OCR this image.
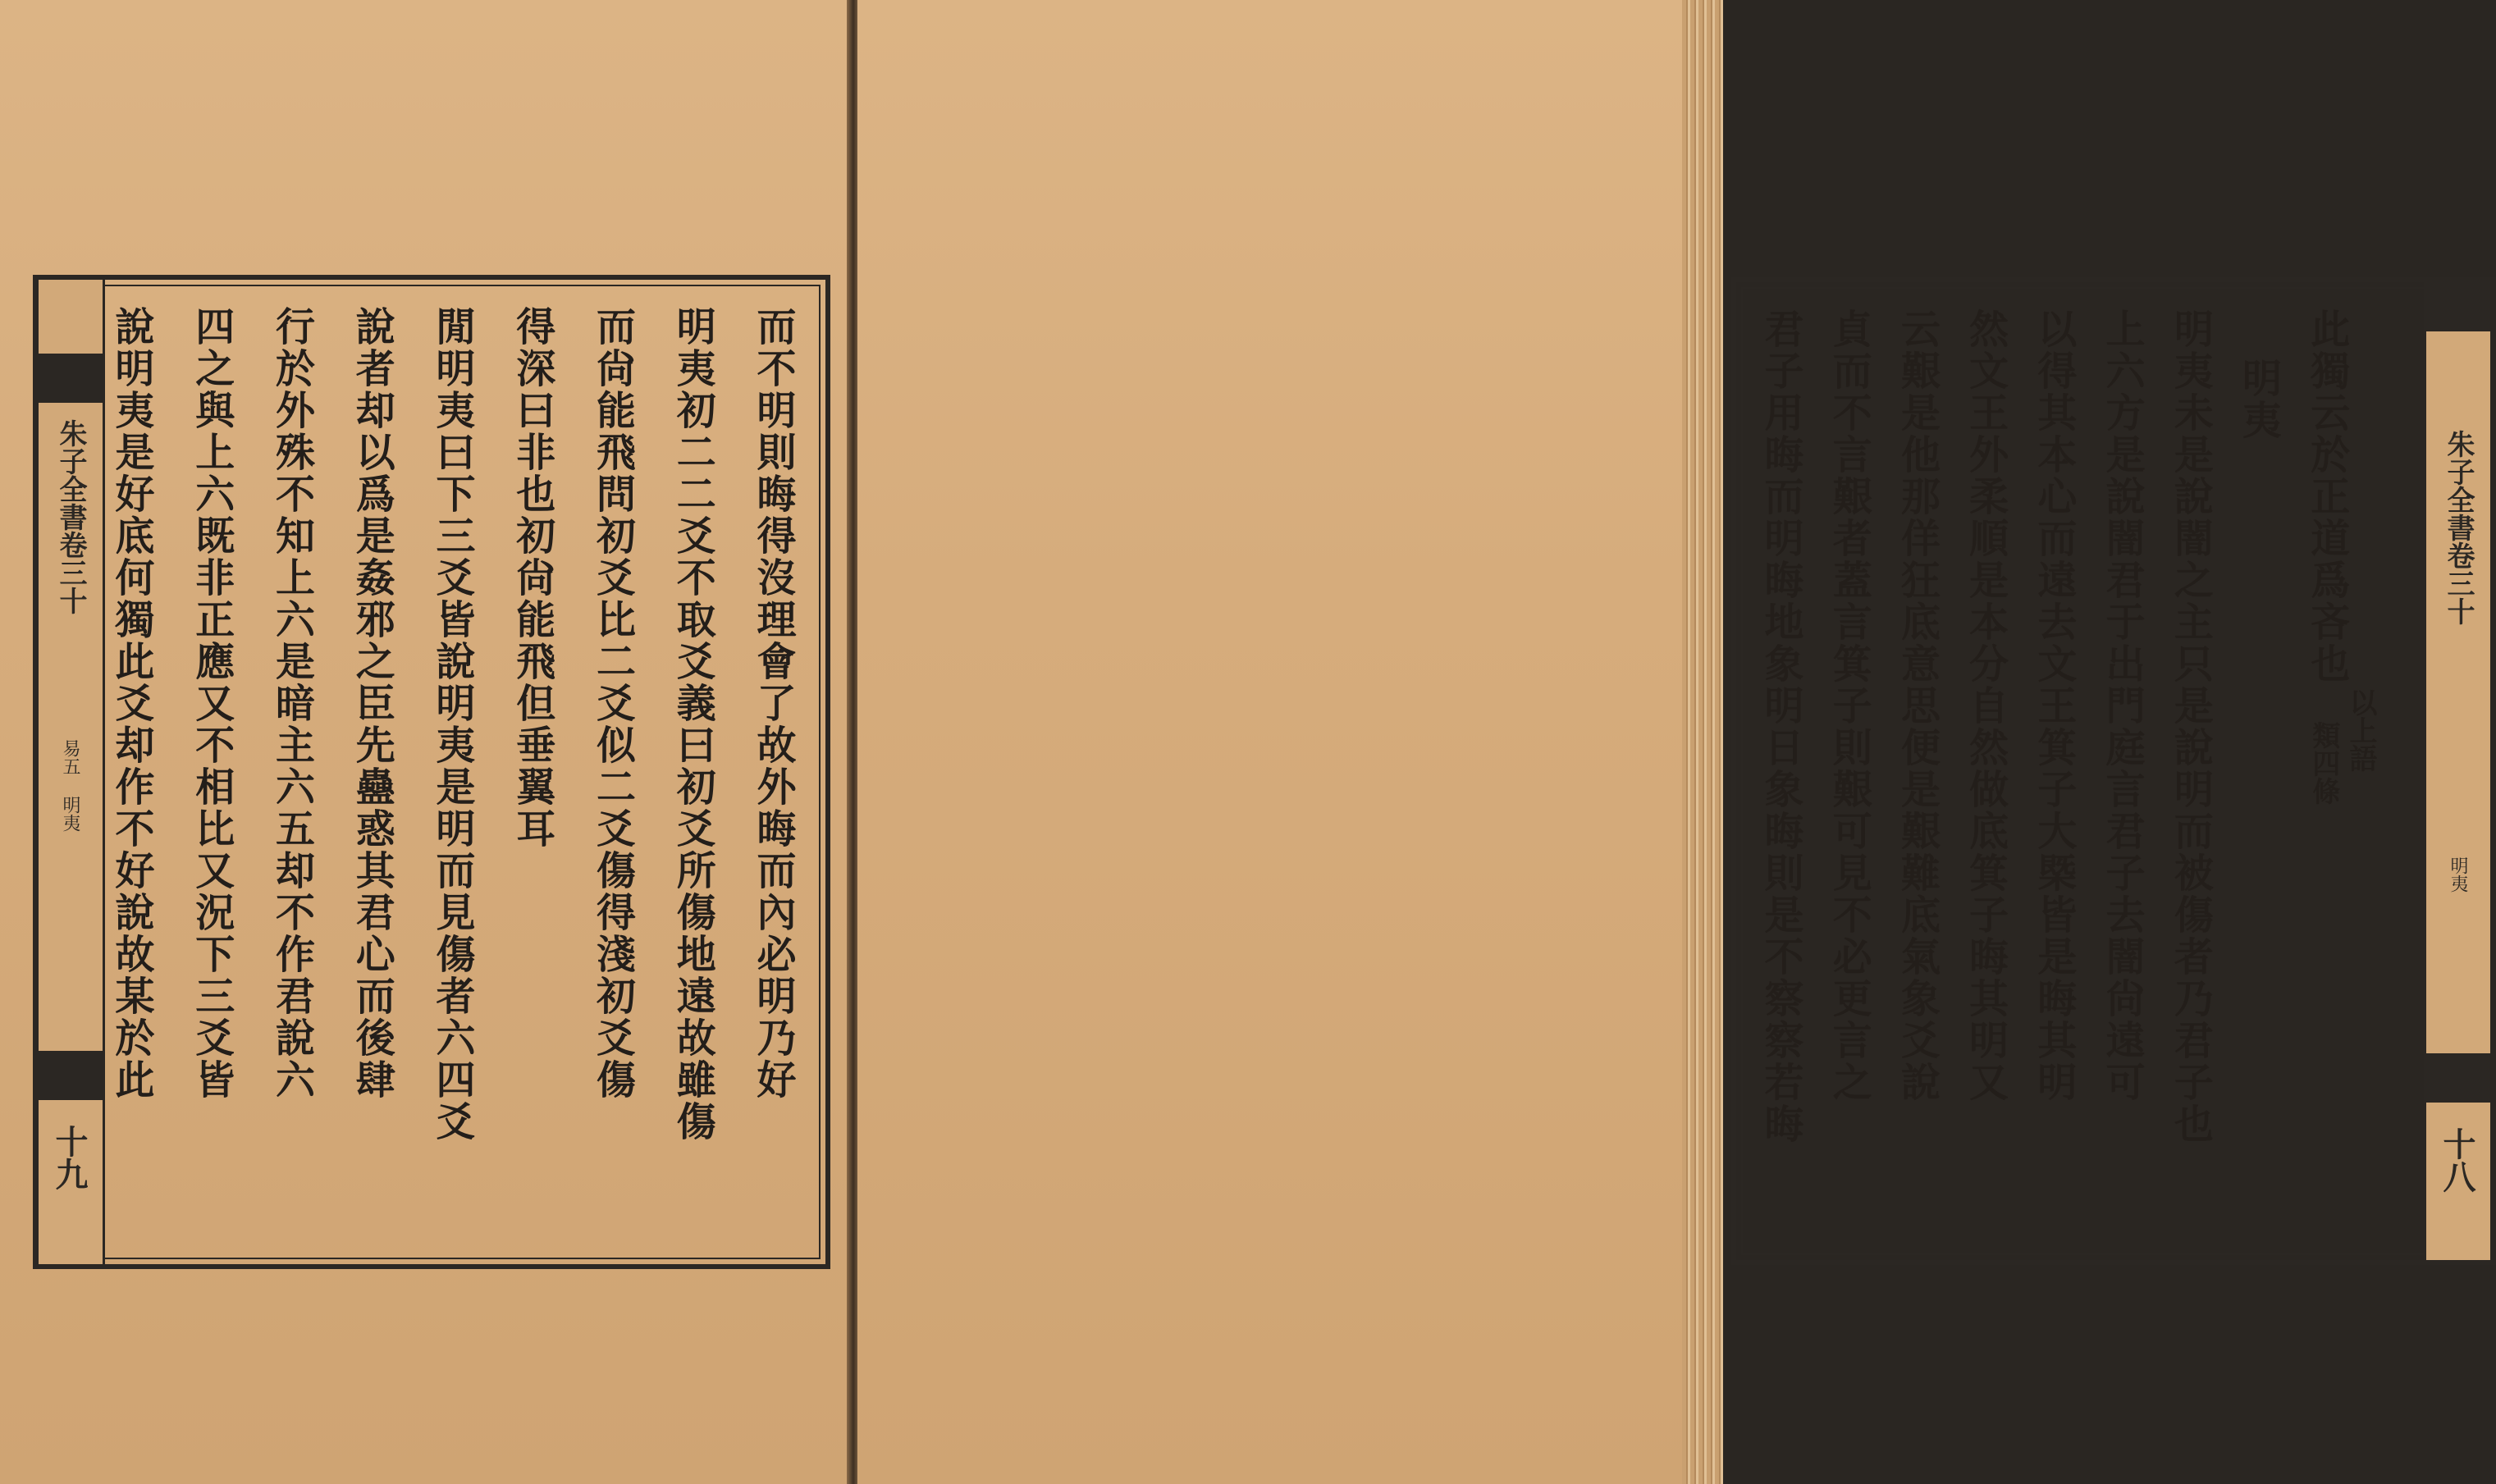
朱子全書卷三十
易五 明夷
十九
而不明則晦得沒理會了故外晦而內必明乃好
明夷初二二爻不取爻義曰初爻所傷地遠故雖傷
而尙能飛問初爻比二爻似二爻傷得淺初爻傷
得深曰非也初尙能飛但垂翼耳
閒明夷曰下三爻皆說明夷是明而見傷者六四爻
說者却以爲是姦邪之臣先蠱惑其君心而後肆
行於外殊不知上六是暗主六五却不作君說六
四之與上六既非正應又不相比又況下三爻皆
說明夷是好底何獨此爻却作不好說故某於此	朱子全書卷三十
明夷
十八
此獨云於正道爲吝也
以上語
類四條
明夷
明夷未是說闇之主只是說明而被傷者乃君子也
上六方是說闇君于出門庭言君子去闇尙遠可
以得其本心而遠去文王箕子大槩皆是晦其明
然文王外柔順是本分自然做底箕子晦其明又
云艱是他那佯狂底意思便是艱難底氣象爻說
貞而不言艱者蓋言箕子則艱可見不必更言之
君子用晦而明晦地象明日象晦則是不察察若晦
